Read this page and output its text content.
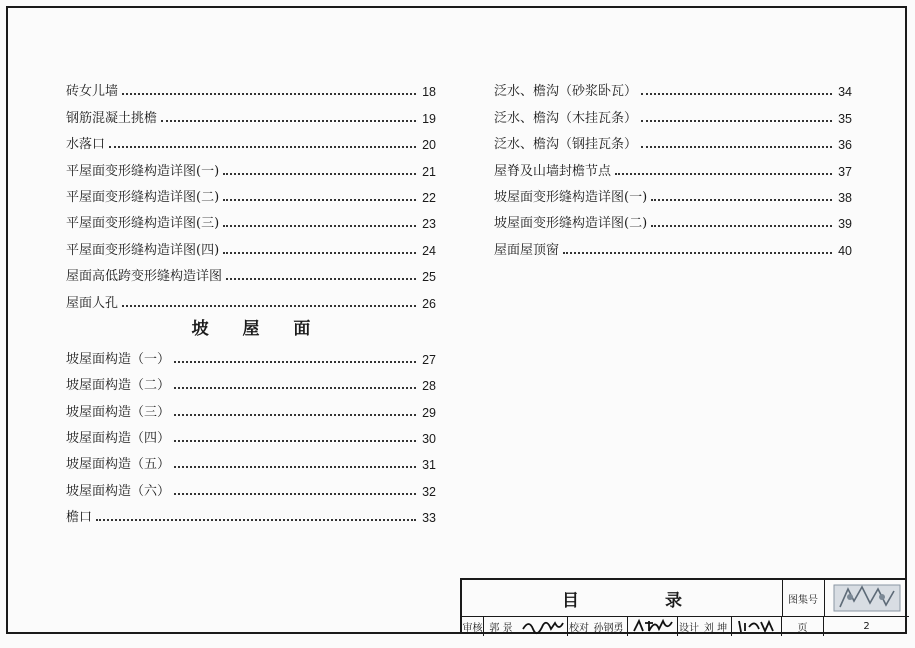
砖女儿墙	18
钢筋混凝土挑檐	19
水落口	20
平屋面变形缝构造详图(一)	21
平屋面变形缝构造详图(二)	22
平屋面变形缝构造详图(三)	23
平屋面变形缝构造详图(四)	24
屋面高低跨变形缝构造详图	25
屋面人孔	26
坡 屋 面
坡屋面构造（一）	27
坡屋面构造（二）	28
坡屋面构造（三）	29
坡屋面构造（四）	30
坡屋面构造（五）	31
坡屋面构造（六）	32
檐口	33
泛水、檐沟（砂浆卧瓦）	34
泛水、檐沟（木挂瓦条）	35
泛水、檐沟（钢挂瓦条）	36
屋脊及山墙封檐节点	37
坡屋面变形缝构造详图(一)	38
坡屋面变形缝构造详图(二)	39
屋面屋顶窗	40
目 录	图集号
审核 郭 景	校对 孙钢勇	设计 刘 坤	页	2
